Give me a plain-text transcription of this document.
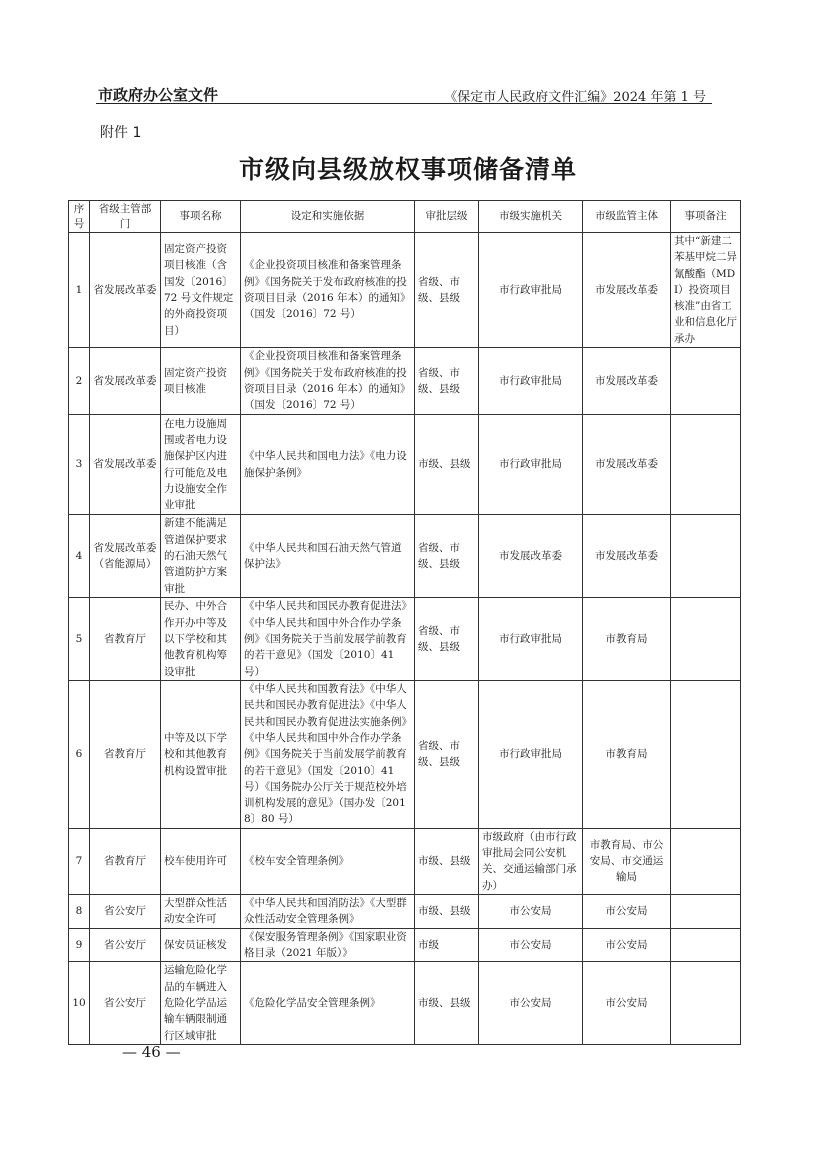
市政府办公室文件	《保定市人民政府文件汇编》2024 年第 1 号
附件 1
市级向县级放权事项储备清单
序号	省级主管部　门	事项名称	设定和实施依据	审批层级	市级实施机关	市级监管主体	事项备注
1	省发展改革委	固定资产投资项目核准（含国发〔2016〕72 号文件规定的外商投资项目）	《企业投资项目核准和备案管理条例》《国务院关于发布政府核准的投资项目目录（2016 年本）的通知》（国发〔2016〕72 号）	省级、市级、县级	市行政审批局	市发展改革委	其中“新建二苯基甲烷二异氰酸酯（MDI）投资项目核准”由省工业和信息化厅承办
2	省发展改革委	固定资产投资项目核准	《企业投资项目核准和备案管理条例》《国务院关于发布政府核准的投资项目目录（2016 年本）的通知》（国发〔2016〕72 号）	省级、市级、县级	市行政审批局	市发展改革委	
3	省发展改革委	在电力设施周围或者电力设施保护区内进行可能危及电力设施安全作业审批	《中华人民共和国电力法》《电力设施保护条例》	市级、县级	市行政审批局	市发展改革委	
4	省发展改革委（省能源局）	新建不能满足管道保护要求的石油天然气管道防护方案审批	《中华人民共和国石油天然气管道保护法》	省级、市级、县级	市发展改革委	市发展改革委	
5	省教育厅	民办、中外合作开办中等及以下学校和其他教育机构筹设审批	《中华人民共和国民办教育促进法》《中华人民共和国中外合作办学条例》《国务院关于当前发展学前教育的若干意见》（国发〔2010〕41 号）	省级、市级、县级	市行政审批局	市教育局	
6	省教育厅	中等及以下学校和其他教育机构设置审批	《中华人民共和国教育法》《中华人民共和国民办教育促进法》《中华人民共和国民办教育促进法实施条例》《中华人民共和国中外合作办学条例》《国务院关于当前发展学前教育的若干意见》（国发〔2010〕41 号）《国务院办公厅关于规范校外培训机构发展的意见》（国办发〔2018〕80 号）	省级、市级、县级	市行政审批局	市教育局	
7	省教育厅	校车使用许可	《校车安全管理条例》	市级、县级	市级政府（由市行政审批局会同公安机关、交通运输部门承办）	市教育局、市公安局、市交通运输局	
8	省公安厅	大型群众性活动安全许可	《中华人民共和国消防法》《大型群众性活动安全管理条例》	市级、县级	市公安局	市公安局	
9	省公安厅	保安员证核发	《保安服务管理条例》《国家职业资格目录（2021 年版）》	市级	市公安局	市公安局	
10	省公安厅	运输危险化学品的车辆进入危险化学品运输车辆限制通行区域审批	《危险化学品安全管理条例》	市级、县级	市公安局	市公安局	
— 46 —
